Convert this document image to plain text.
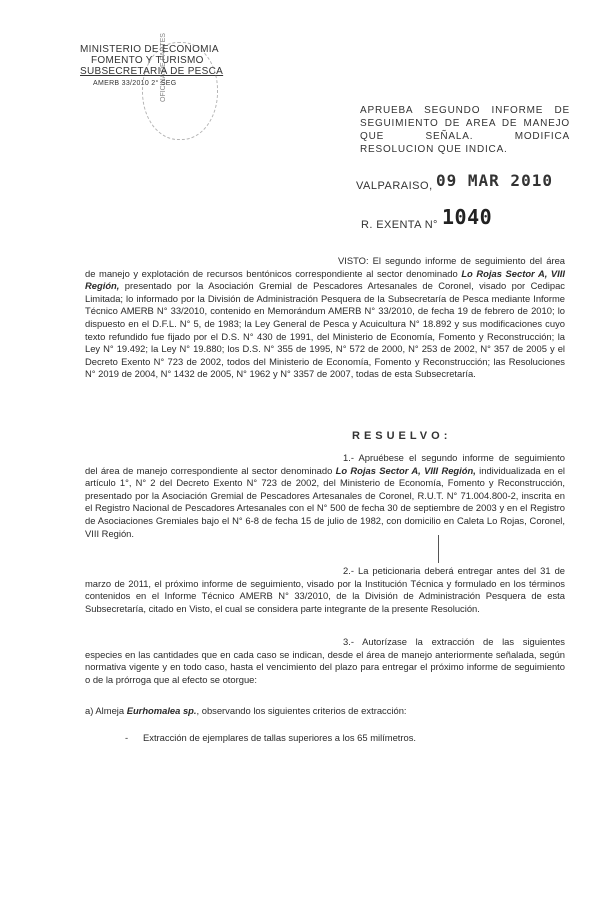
MINISTERIO DE ECONOMIA
FOMENTO Y TURISMO
SUBSECRETARIA DE PESCA
AMERB 33/2010 2° SEG
OFICINA DE PARTES
APRUEBA SEGUNDO INFORME DE SEGUIMIENTO DE AREA DE MANEJO QUE SEÑALA. MODIFICA RESOLUCION QUE INDICA.
VALPARAISO, 09 MAR 2010
R. EXENTA N° 1040
VISTO: El segundo informe de seguimiento del área de manejo y explotación de recursos bentónicos correspondiente al sector denominado Lo Rojas Sector A, VIII Región, presentado por la Asociación Gremial de Pescadores Artesanales de Coronel, visado por Cedipac Limitada; lo informado por la División de Administración Pesquera de la Subsecretaría de Pesca mediante Informe Técnico AMERB N° 33/2010, contenido en Memorándum AMERB N° 33/2010, de fecha 19 de febrero de 2010; lo dispuesto en el D.F.L. N° 5, de 1983; la Ley General de Pesca y Acuicultura N° 18.892 y sus modificaciones cuyo texto refundido fue fijado por el D.S. N° 430 de 1991, del Ministerio de Economía, Fomento y Reconstrucción; la Ley N° 19.492; la Ley N° 19.880; los D.S. N° 355 de 1995, N° 572 de 2000, N° 253 de 2002, N° 357 de 2005 y el Decreto Exento N° 723 de 2002, todos del Ministerio de Economía, Fomento y Reconstrucción; las Resoluciones N° 2019 de 2004, N° 1432 de 2005, N° 1962 y N° 3357 de 2007, todas de esta Subsecretaría.
RESUELVO:
1.- Apruébese el segundo informe de seguimiento del área de manejo correspondiente al sector denominado Lo Rojas Sector A, VIII Región, individualizada en el artículo 1°, N° 2 del Decreto Exento N° 723 de 2002, del Ministerio de Economía, Fomento y Reconstrucción, presentado por la Asociación Gremial de Pescadores Artesanales de Coronel, R.U.T. N° 71.004.800-2, inscrita en el Registro Nacional de Pescadores Artesanales con el N° 500 de fecha 30 de septiembre de 2003 y en el Registro de Asociaciones Gremiales bajo el N° 6-8 de fecha 15 de julio de 1982, con domicilio en Caleta Lo Rojas, Coronel, VIII Región.
2.- La peticionaria deberá entregar antes del 31 de marzo de 2011, el próximo informe de seguimiento, visado por la Institución Técnica y formulado en los términos contenidos en el Informe Técnico AMERB N° 33/2010, de la División de Administración Pesquera de esta Subsecretaría, citado en Visto, el cual se considera parte integrante de la presente Resolución.
3.- Autorízase la extracción de las siguientes especies en las cantidades que en cada caso se indican, desde el área de manejo anteriormente señalada, según normativa vigente y en todo caso, hasta el vencimiento del plazo para entregar el próximo informe de seguimiento o de la prórroga que al efecto se otorgue:
a) Almeja Eurhomalea sp., observando los siguientes criterios de extracción:
- Extracción de ejemplares de tallas superiores a los 65 milímetros.
